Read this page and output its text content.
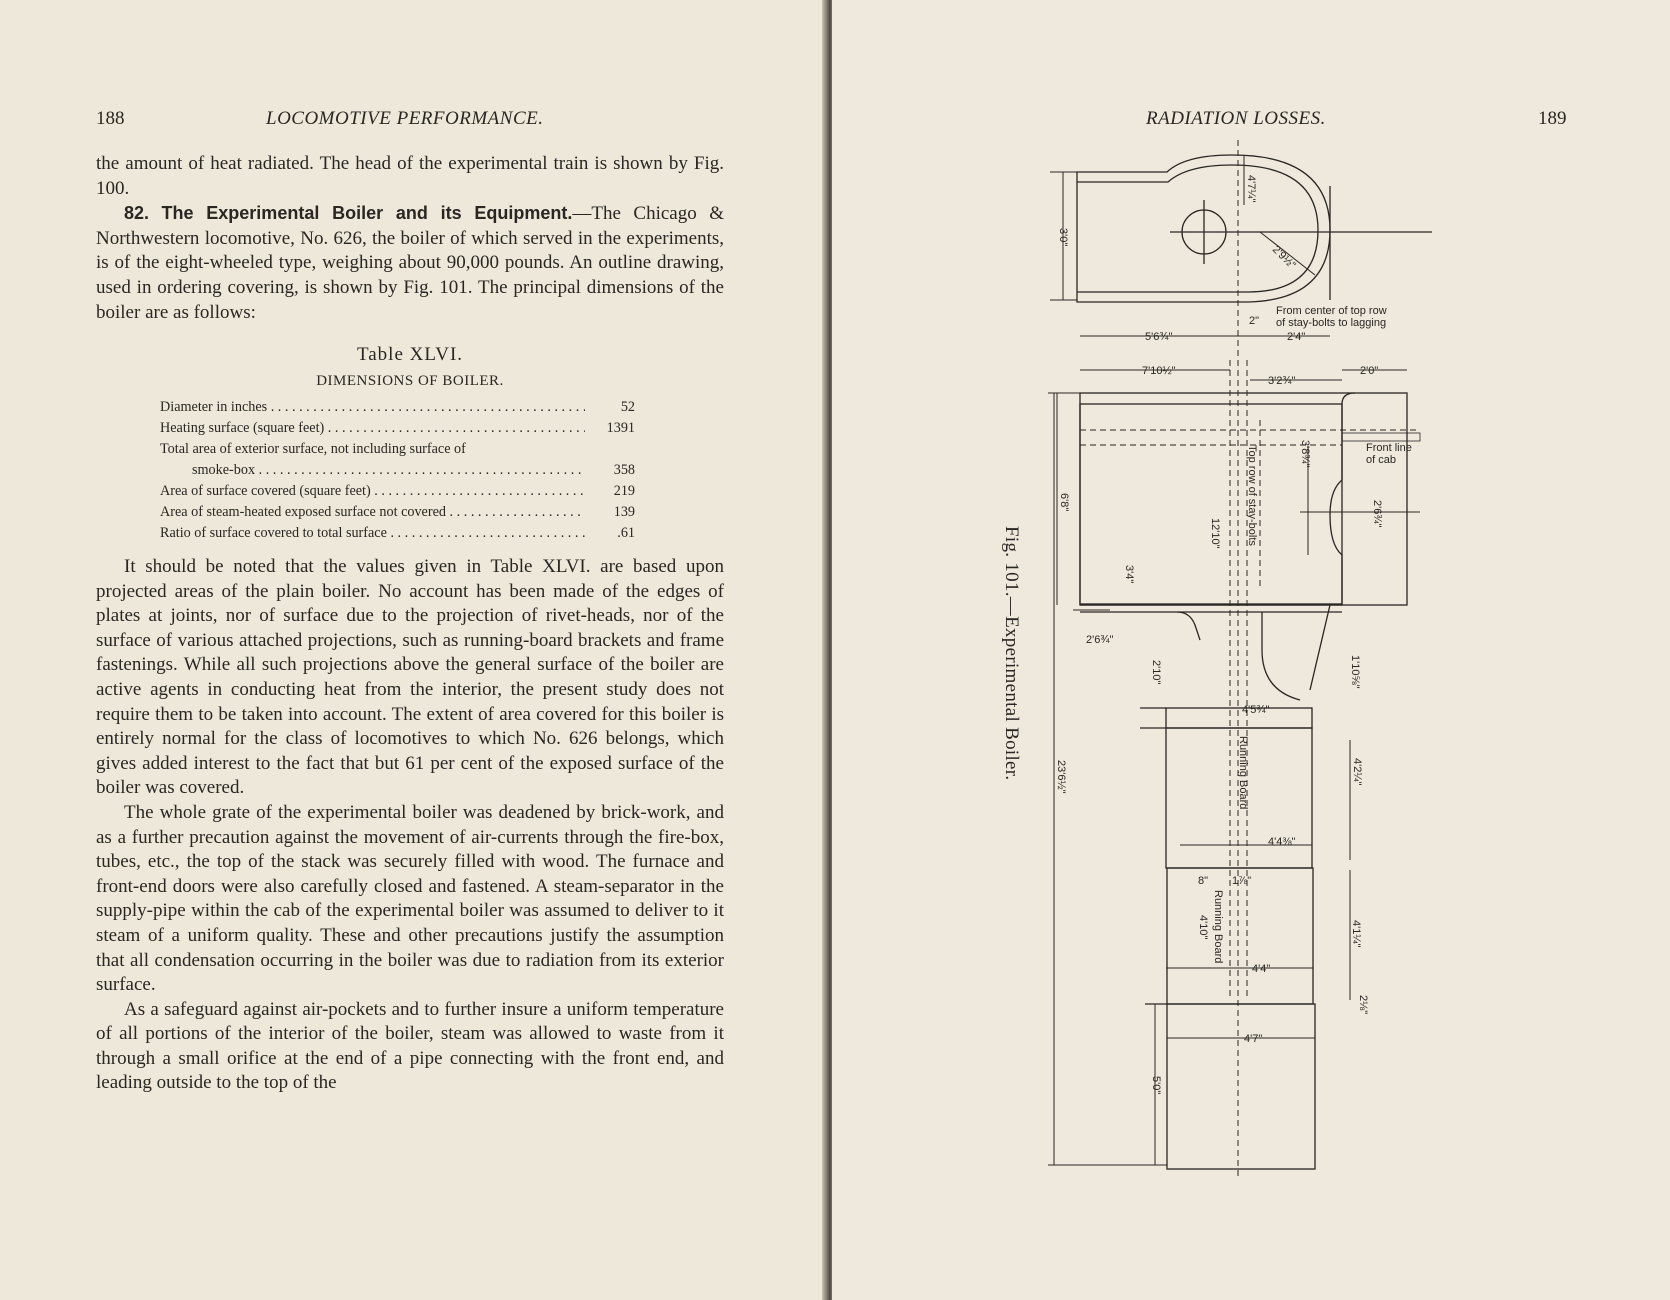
188	LOCOMOTIVE PERFORMANCE.

the amount of heat radiated. The head of the experimental train is shown by Fig. 100.

82. The Experimental Boiler and its Equipment.—The Chicago & Northwestern locomotive, No. 626, the boiler of which served in the experiments, is of the eight-wheeled type, weighing about 90,000 pounds. An outline drawing, used in ordering covering, is shown by Fig. 101. The principal dimensions of the boiler are as follows:

Table XLVI.
DIMENSIONS OF BOILER.
Diameter in inches . . .	52
Heating surface (square feet) . . .	1391
Total area of exterior surface, not including surface of
smoke-box . . .	358
Area of surface covered (square feet) . . .	219
Area of steam-heated exposed surface not covered . . .	139
Ratio of surface covered to total surface . . .	.61

It should be noted that the values given in Table XLVI. are based upon projected areas of the plain boiler. No account has been made of the edges of plates at joints, nor of surface due to the projection of rivet-heads, nor of the surface of various attached projections, such as running-board brackets and frame fastenings. While all such projections above the general surface of the boiler are active agents in conducting heat from the interior, the present study does not require them to be taken into account. The extent of area covered for this boiler is entirely normal for the class of locomotives to which No. 626 belongs, which gives added interest to the fact that but 61 per cent of the exposed surface of the boiler was covered.

The whole grate of the experimental boiler was deadened by brick-work, and as a further precaution against the movement of air-currents through the fire-box, tubes, etc., the top of the stack was securely filled with wood. The furnace and front-end doors were also carefully closed and fastened. A steam-separator in the supply-pipe within the cab of the experimental boiler was assumed to deliver to it steam of a uniform quality. These and other precautions justify the assumption that all condensation occurring in the boiler was due to radiation from its exterior surface.

As a safeguard against air-pockets and to further insure a uniform temperature of all portions of the interior of the boiler, steam was allowed to waste from it through a small orifice at the end of a pipe connecting with the front end, and leading outside to the top of the

RADIATION LOSSES.	189
Fig. 101.—Experimental Boiler.
4'7¼"
3'0"
2'9½"
From center of top row
of stay-bolts to lagging
2"
5'6¾"	2'4"
7'10½"
3'2¾"
2'0"
6'8"
12'10"
3'8¾"
2'6¾"
Front line
of cab
Top row of stay-bolts
23'6½"
3'4"
2'6¾"
2'10"
4'5¾"
1'10⅝"
Running Board
4'4⅜"
4'2¼"
8" 1⅞"
4'10" Running Board
4'4"
4'1¼"
4'7"
5'0"
2⅛"
